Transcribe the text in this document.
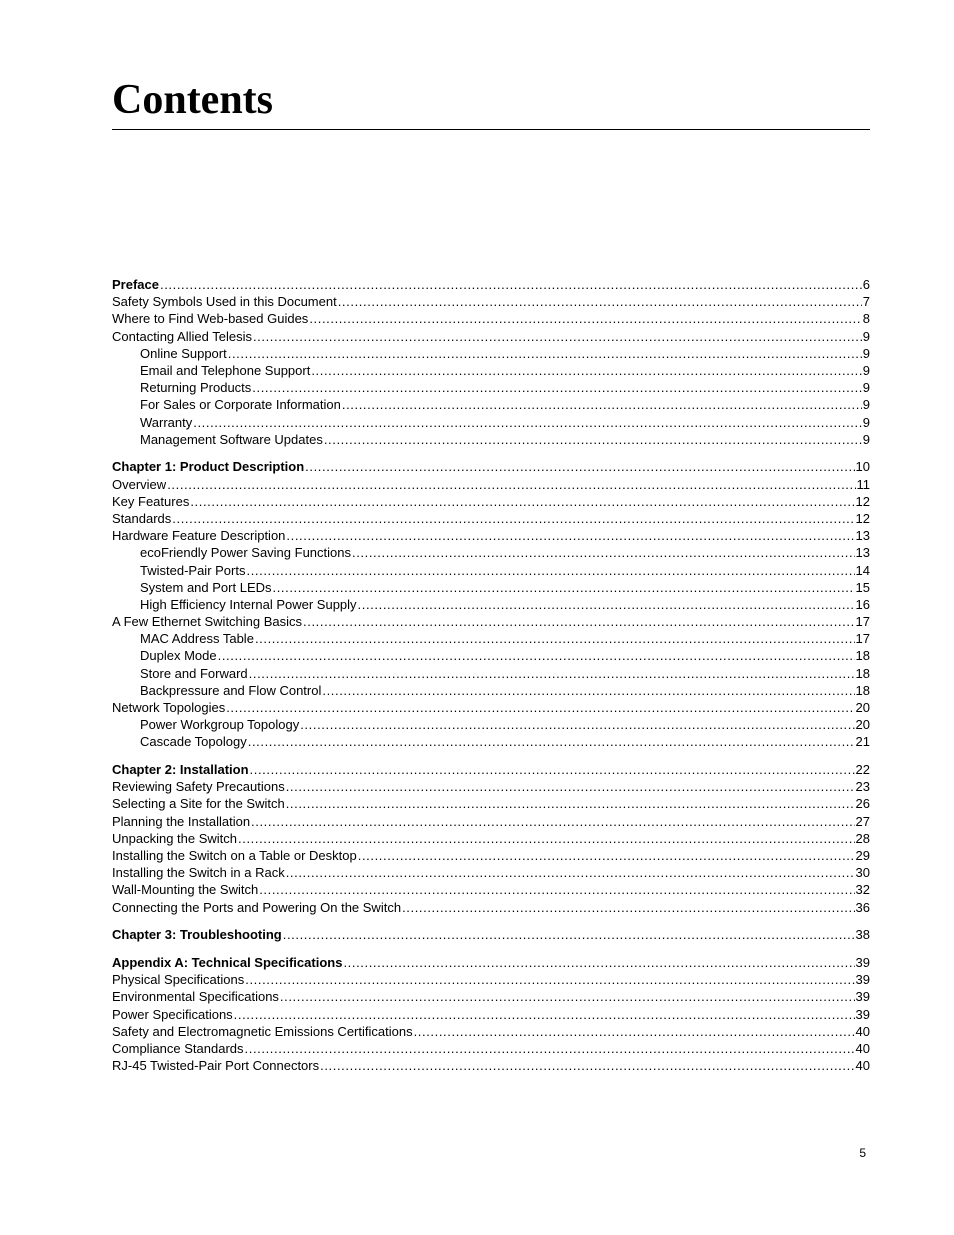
Contents
Preface .....	6
Safety Symbols Used in this Document .....	7
Where to Find Web-based Guides .....	8
Contacting Allied Telesis .....	9
Online Support .....	9
Email and Telephone Support .....	9
Returning Products .....	9
For Sales or Corporate Information .....	9
Warranty .....	9
Management Software Updates .....	9
Chapter 1: Product Description .....	10
Overview .....	11
Key Features .....	12
Standards .....	12
Hardware Feature Description .....	13
ecoFriendly Power Saving Functions .....	13
Twisted-Pair Ports .....	14
System and Port LEDs .....	15
High Efficiency Internal Power Supply .....	16
A Few Ethernet Switching Basics .....	17
MAC Address Table .....	17
Duplex Mode .....	18
Store and Forward .....	18
Backpressure and Flow Control .....	18
Network Topologies .....	20
Power Workgroup Topology .....	20
Cascade Topology .....	21
Chapter 2: Installation .....	22
Reviewing Safety Precautions .....	23
Selecting a Site for the Switch .....	26
Planning the Installation .....	27
Unpacking the Switch .....	28
Installing the Switch on a Table or Desktop .....	29
Installing the Switch in a Rack .....	30
Wall-Mounting the Switch .....	32
Connecting the Ports and Powering On the Switch .....	36
Chapter 3: Troubleshooting .....	38
Appendix A: Technical Specifications .....	39
Physical Specifications .....	39
Environmental Specifications .....	39
Power Specifications .....	39
Safety and Electromagnetic Emissions Certifications .....	40
Compliance Standards .....	40
RJ-45 Twisted-Pair Port Connectors .....	40
5
